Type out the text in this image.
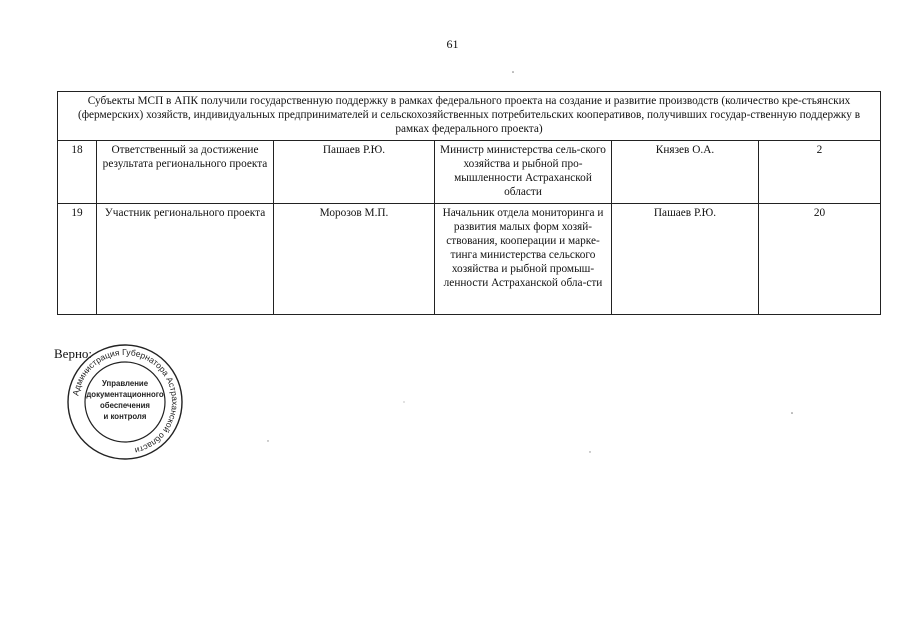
61
Субъекты МСП в АПК получили государственную поддержку в рамках федерального проекта на создание и развитие производств (количество кре-стьянских (фермерских) хозяйств, индивидуальных предпринимателей и сельскохозяйственных потребительских кооперативов, получивших государ-ственную поддержку в рамках федерального проекта)					
18	Ответственный за достижение результата регионального проекта	Пашаев Р.Ю.	Министр министерства сель-ского хозяйства и рыбной про-мышленности Астраханской области	Князев О.А.	2
19	Участник регионального проекта	Морозов М.П.	Начальник отдела мониторинга и развития малых форм хозяй-ствования, кооперации и марке-тинга министерства сельского хозяйства и рыбной промыш-ленности Астраханской обла-сти	Пашаев Р.Ю.	20
Верно:
Администрация Губернатора Астраханской области
Управление
документационного
обеспечения
и контроля
